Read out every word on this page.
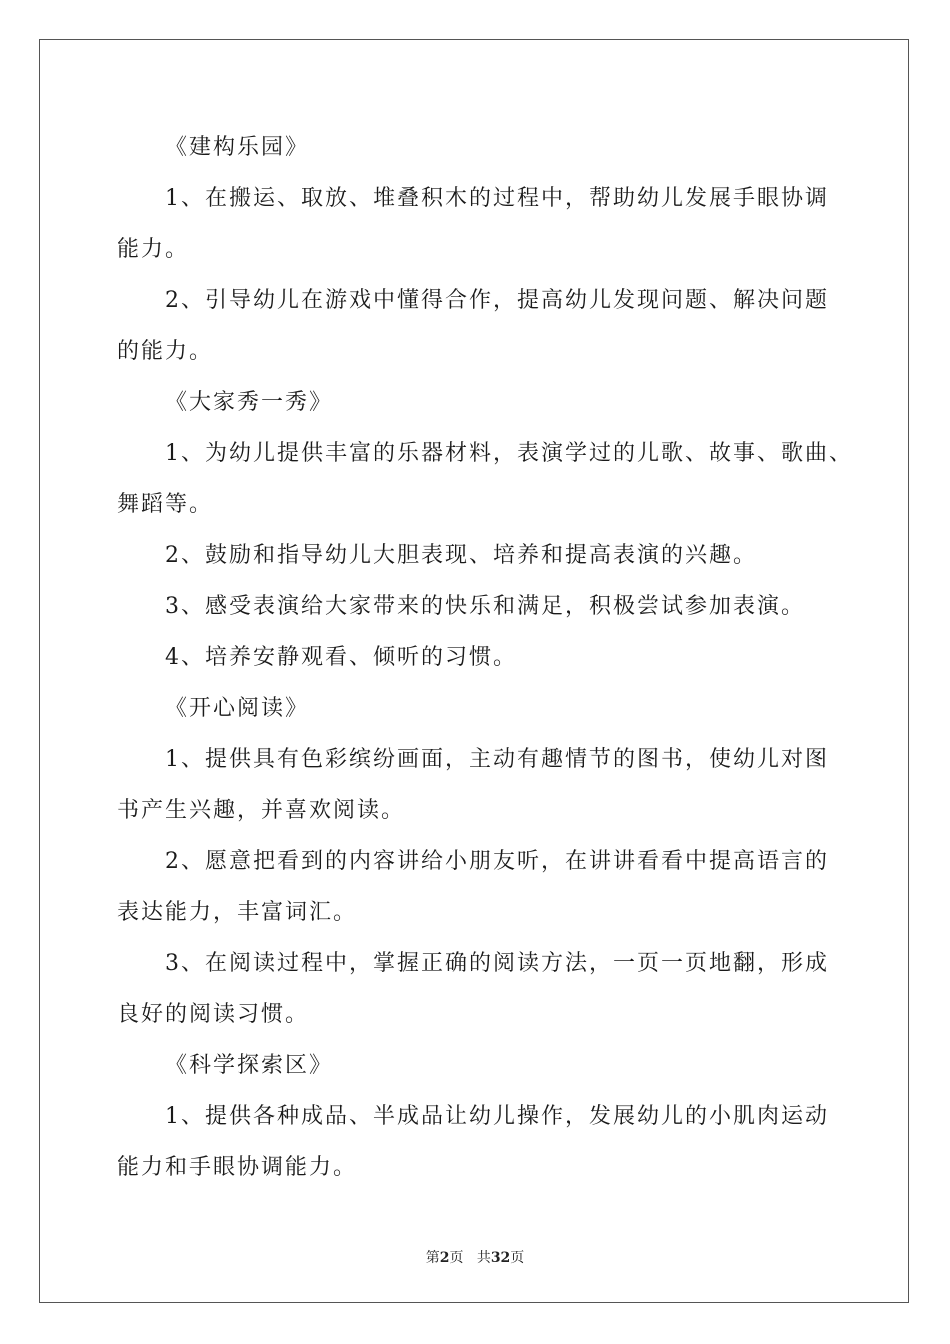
《建构乐园》
1、在搬运、取放、堆叠积木的过程中，帮助幼儿发展手眼协调
能力。
2、引导幼儿在游戏中懂得合作，提高幼儿发现问题、解决问题
的能力。
《大家秀一秀》
1、为幼儿提供丰富的乐器材料，表演学过的儿歌、故事、歌曲、
舞蹈等。
2、鼓励和指导幼儿大胆表现、培养和提高表演的兴趣。
3、感受表演给大家带来的快乐和满足，积极尝试参加表演。
4、培养安静观看、倾听的习惯。
《开心阅读》
1、提供具有色彩缤纷画面，主动有趣情节的图书，使幼儿对图
书产生兴趣，并喜欢阅读。
2、愿意把看到的内容讲给小朋友听，在讲讲看看中提高语言的
表达能力，丰富词汇。
3、在阅读过程中，掌握正确的阅读方法，一页一页地翻，形成
良好的阅读习惯。
《科学探索区》
1、提供各种成品、半成品让幼儿操作，发展幼儿的小肌肉运动
能力和手眼协调能力。
第2页 共32页
